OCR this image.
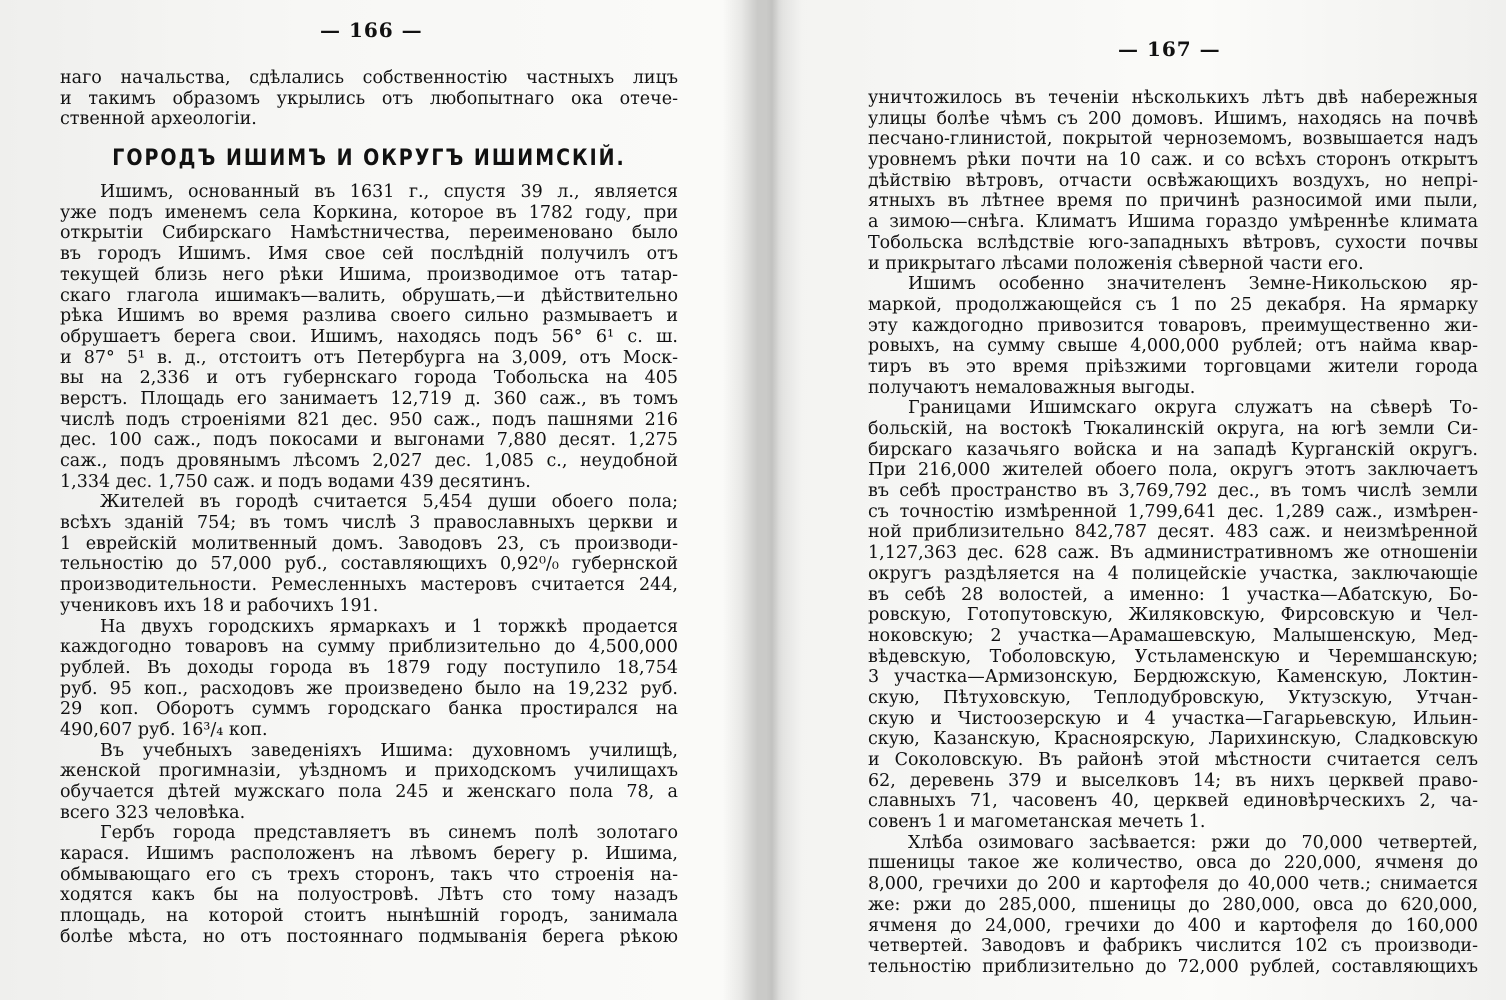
— 166 —
наго начальства, сдѣлались собственностію частныхъ лицъ
и такимъ образомъ укрылись отъ любопытнаго ока отече-
ственной археологіи.
ГОРОДЪ ИШИМЪ И ОКРУГЪ ИШИМСКІЙ.
Ишимъ, основанный въ 1631 г., спустя 39 л., является
уже подъ именемъ села Коркина, которое въ 1782 году, при
открытіи Сибирскаго Намѣстничества, переименовано было
въ городъ Ишимъ. Имя свое сей послѣдній получилъ отъ
текущей близь него рѣки Ишима, производимое отъ татар-
скаго глагола ишимакъ—валить, обрушать,—и дѣйствительно
рѣка Ишимъ во время разлива своего сильно размываетъ и
обрушаетъ берега свои. Ишимъ, находясь подъ 56° 6¹ с. ш.
и 87° 5¹ в. д., отстоитъ отъ Петербурга на 3,009, отъ Моск-
вы на 2,336 и отъ губернскаго города Тобольска на 405
верстъ. Площадь его занимаетъ 12,719 д. 360 саж., въ томъ
числѣ подъ строеніями 821 дес. 950 саж., подъ пашнями 216
дес. 100 саж., подъ покосами и выгонами 7,880 десят. 1,275
саж., подъ дровянымъ лѣсомъ 2,027 дес. 1,085 с., неудобной
1,334 дес. 1,750 саж. и подъ водами 439 десятинъ.
Жителей въ городѣ считается 5,454 души обоего пола;
всѣхъ зданій 754; въ томъ числѣ 3 православныхъ церкви и
1 еврейскій молитвенный домъ. Заводовъ 23, съ производи-
тельностію до 57,000 руб., составляющихъ 0,92⁰/₀ губернской
производительности. Ремесленныхъ мастеровъ считается 244,
учениковъ ихъ 18 и рабочихъ 191.
На двухъ городскихъ ярмаркахъ и 1 торжкѣ продается
каждогодно товаровъ на сумму приблизительно до 4,500,000
рублей. Въ доходы города въ 1879 году поступило 18,754
руб. 95 коп., расходовъ же произведено было на 19,232 руб.
29 коп. Оборотъ суммъ городскаго банка простирался на
490,607 руб. 16³/₄ коп.
Въ учебныхъ заведеніяхъ Ишима: духовномъ училищѣ,
женской прогимназіи, уѣздномъ и приходскомъ училищахъ
обучается дѣтей мужскаго пола 245 и женскаго пола 78, а
всего 323 человѣка.
Гербъ города представляетъ въ синемъ полѣ золотаго
карася. Ишимъ расположенъ на лѣвомъ берегу р. Ишима,
обмывающаго его съ трехъ сторонъ, такъ что строенія на-
ходятся какъ бы на полуостровѣ. Лѣтъ сто тому назадъ
площадь, на которой стоитъ нынѣшній городъ, занимала
болѣе мѣста, но отъ постояннаго подмыванія берега рѣкою
— 167 —
уничтожилось въ теченіи нѣсколькихъ лѣтъ двѣ набережныя
улицы болѣе чѣмъ съ 200 домовъ. Ишимъ, находясь на почвѣ
песчано-глинистой, покрытой черноземомъ, возвышается надъ
уровнемъ рѣки почти на 10 саж. и со всѣхъ сторонъ открытъ
дѣйствію вѣтровъ, отчасти освѣжающихъ воздухъ, но непрі-
ятныхъ въ лѣтнее время по причинѣ разносимой ими пыли,
а зимою—снѣга. Климатъ Ишима гораздо умѣреннѣе климата
Тобольска вслѣдствіе юго-западныхъ вѣтровъ, сухости почвы
и прикрытаго лѣсами положенія сѣверной части его.
Ишимъ особенно значителенъ Земне-Никольскою яр-
маркой, продолжающейся съ 1 по 25 декабря. На ярмарку
эту каждогодно привозится товаровъ, преимущественно жи-
ровыхъ, на сумму свыше 4,000,000 рублей; отъ найма квар-
тиръ въ это время пріѣзжими торговцами жители города
получаютъ немаловажныя выгоды.
Границами Ишимскаго округа служатъ на сѣверѣ То-
больскій, на востокѣ Тюкалинскій округа, на югѣ земли Си-
бирскаго казачьяго войска и на западѣ Курганскій округъ.
При 216,000 жителей обоего пола, округъ этотъ заключаетъ
въ себѣ пространство въ 3,769,792 дес., въ томъ числѣ земли
съ точностію измѣренной 1,799,641 дес. 1,289 саж., измѣрен-
ной приблизительно 842,787 десят. 483 саж. и неизмѣренной
1,127,363 дес. 628 саж. Въ административномъ же отношеніи
округъ раздѣляется на 4 полицейскіе участка, заключающіе
въ себѣ 28 волостей, а именно: 1 участка—Абатскую, Бо-
ровскую, Готопутовскую, Жиляковскую, Фирсовскую и Чел-
ноковскую; 2 участка—Арамашевскую, Малышенскую, Мед-
вѣдевскую, Тоболовскую, Устьламенскую и Черемшанскую;
3 участка—Армизонскую, Бердюжскую, Каменскую, Локтин-
скую, Пѣтуховскую, Теплодубровскую, Уктузскую, Утчан-
скую и Чистоозерскую и 4 участка—Гагарьевскую, Ильин-
скую, Казанскую, Красноярскую, Ларихинскую, Сладковскую
и Соколовскую. Въ районѣ этой мѣстности считается селъ
62, деревень 379 и выселковъ 14; въ нихъ церквей право-
славныхъ 71, часовенъ 40, церквей единовѣрческихъ 2, ча-
совенъ 1 и магометанская мечеть 1.
Хлѣба озимоваго засѣвается: ржи до 70,000 четвертей,
пшеницы такое же количество, овса до 220,000, ячменя до
8,000, гречихи до 200 и картофеля до 40,000 четв.; снимается
же: ржи до 285,000, пшеницы до 280,000, овса до 620,000,
ячменя до 24,000, гречихи до 400 и картофеля до 160,000
четвертей. Заводовъ и фабрикъ числится 102 съ производи-
тельностію приблизительно до 72,000 рублей, составляющихъ
